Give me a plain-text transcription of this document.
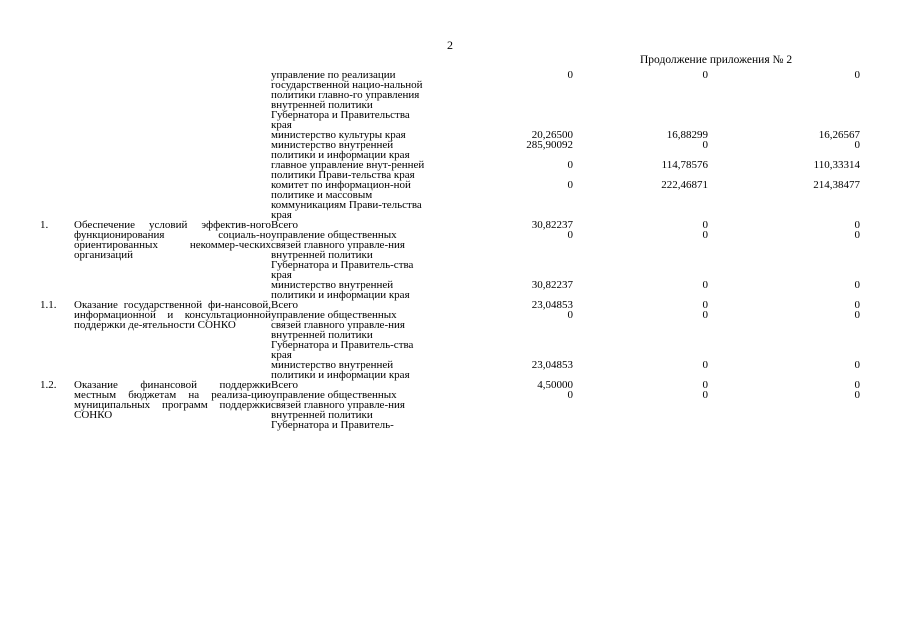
2
Продолжение приложения № 2
		управление по реализации государственной нацио-нальной политики главно-го управления внутренней политики Губернатора и Правительства края	0	0	0
		министерство культуры края	20,26500	16,88299	16,26567
		министерство внутренней политики и информации края	285,90092	0	0
		главное управление внут-ренней политики Прави-тельства края	0	114,78576	110,33314
		комитет по информацион-ной политике и массовым коммуникациям Прави-тельства края	0	222,46871	214,38477
1.	Обеспечение условий эффектив-ного функционирования социаль-но ориентированных некоммер-ческих организаций	Всего	30,82237	0	0
		управление общественных связей главного управле-ния внутренней политики Губернатора и Правитель-ства края	0	0	0
		министерство внутренней политики и информации края	30,82237	0	0
1.1.	Оказание государственной фи-нансовой, информационной и консультационной поддержки де-ятельности СОНКО	Всего	23,04853	0	0
		управление общественных связей главного управле-ния внутренней политики Губернатора и Правитель-ства края	0	0	0
		министерство внутренней политики и информации края	23,04853	0	0
1.2.	Оказание финансовой поддержки местным бюджетам на реализа-цию муниципальных программ поддержки СОНКО	Всего	4,50000	0	0
		управление общественных связей главного управле-ния внутренней политики Губернатора и Правитель-	0	0	0
